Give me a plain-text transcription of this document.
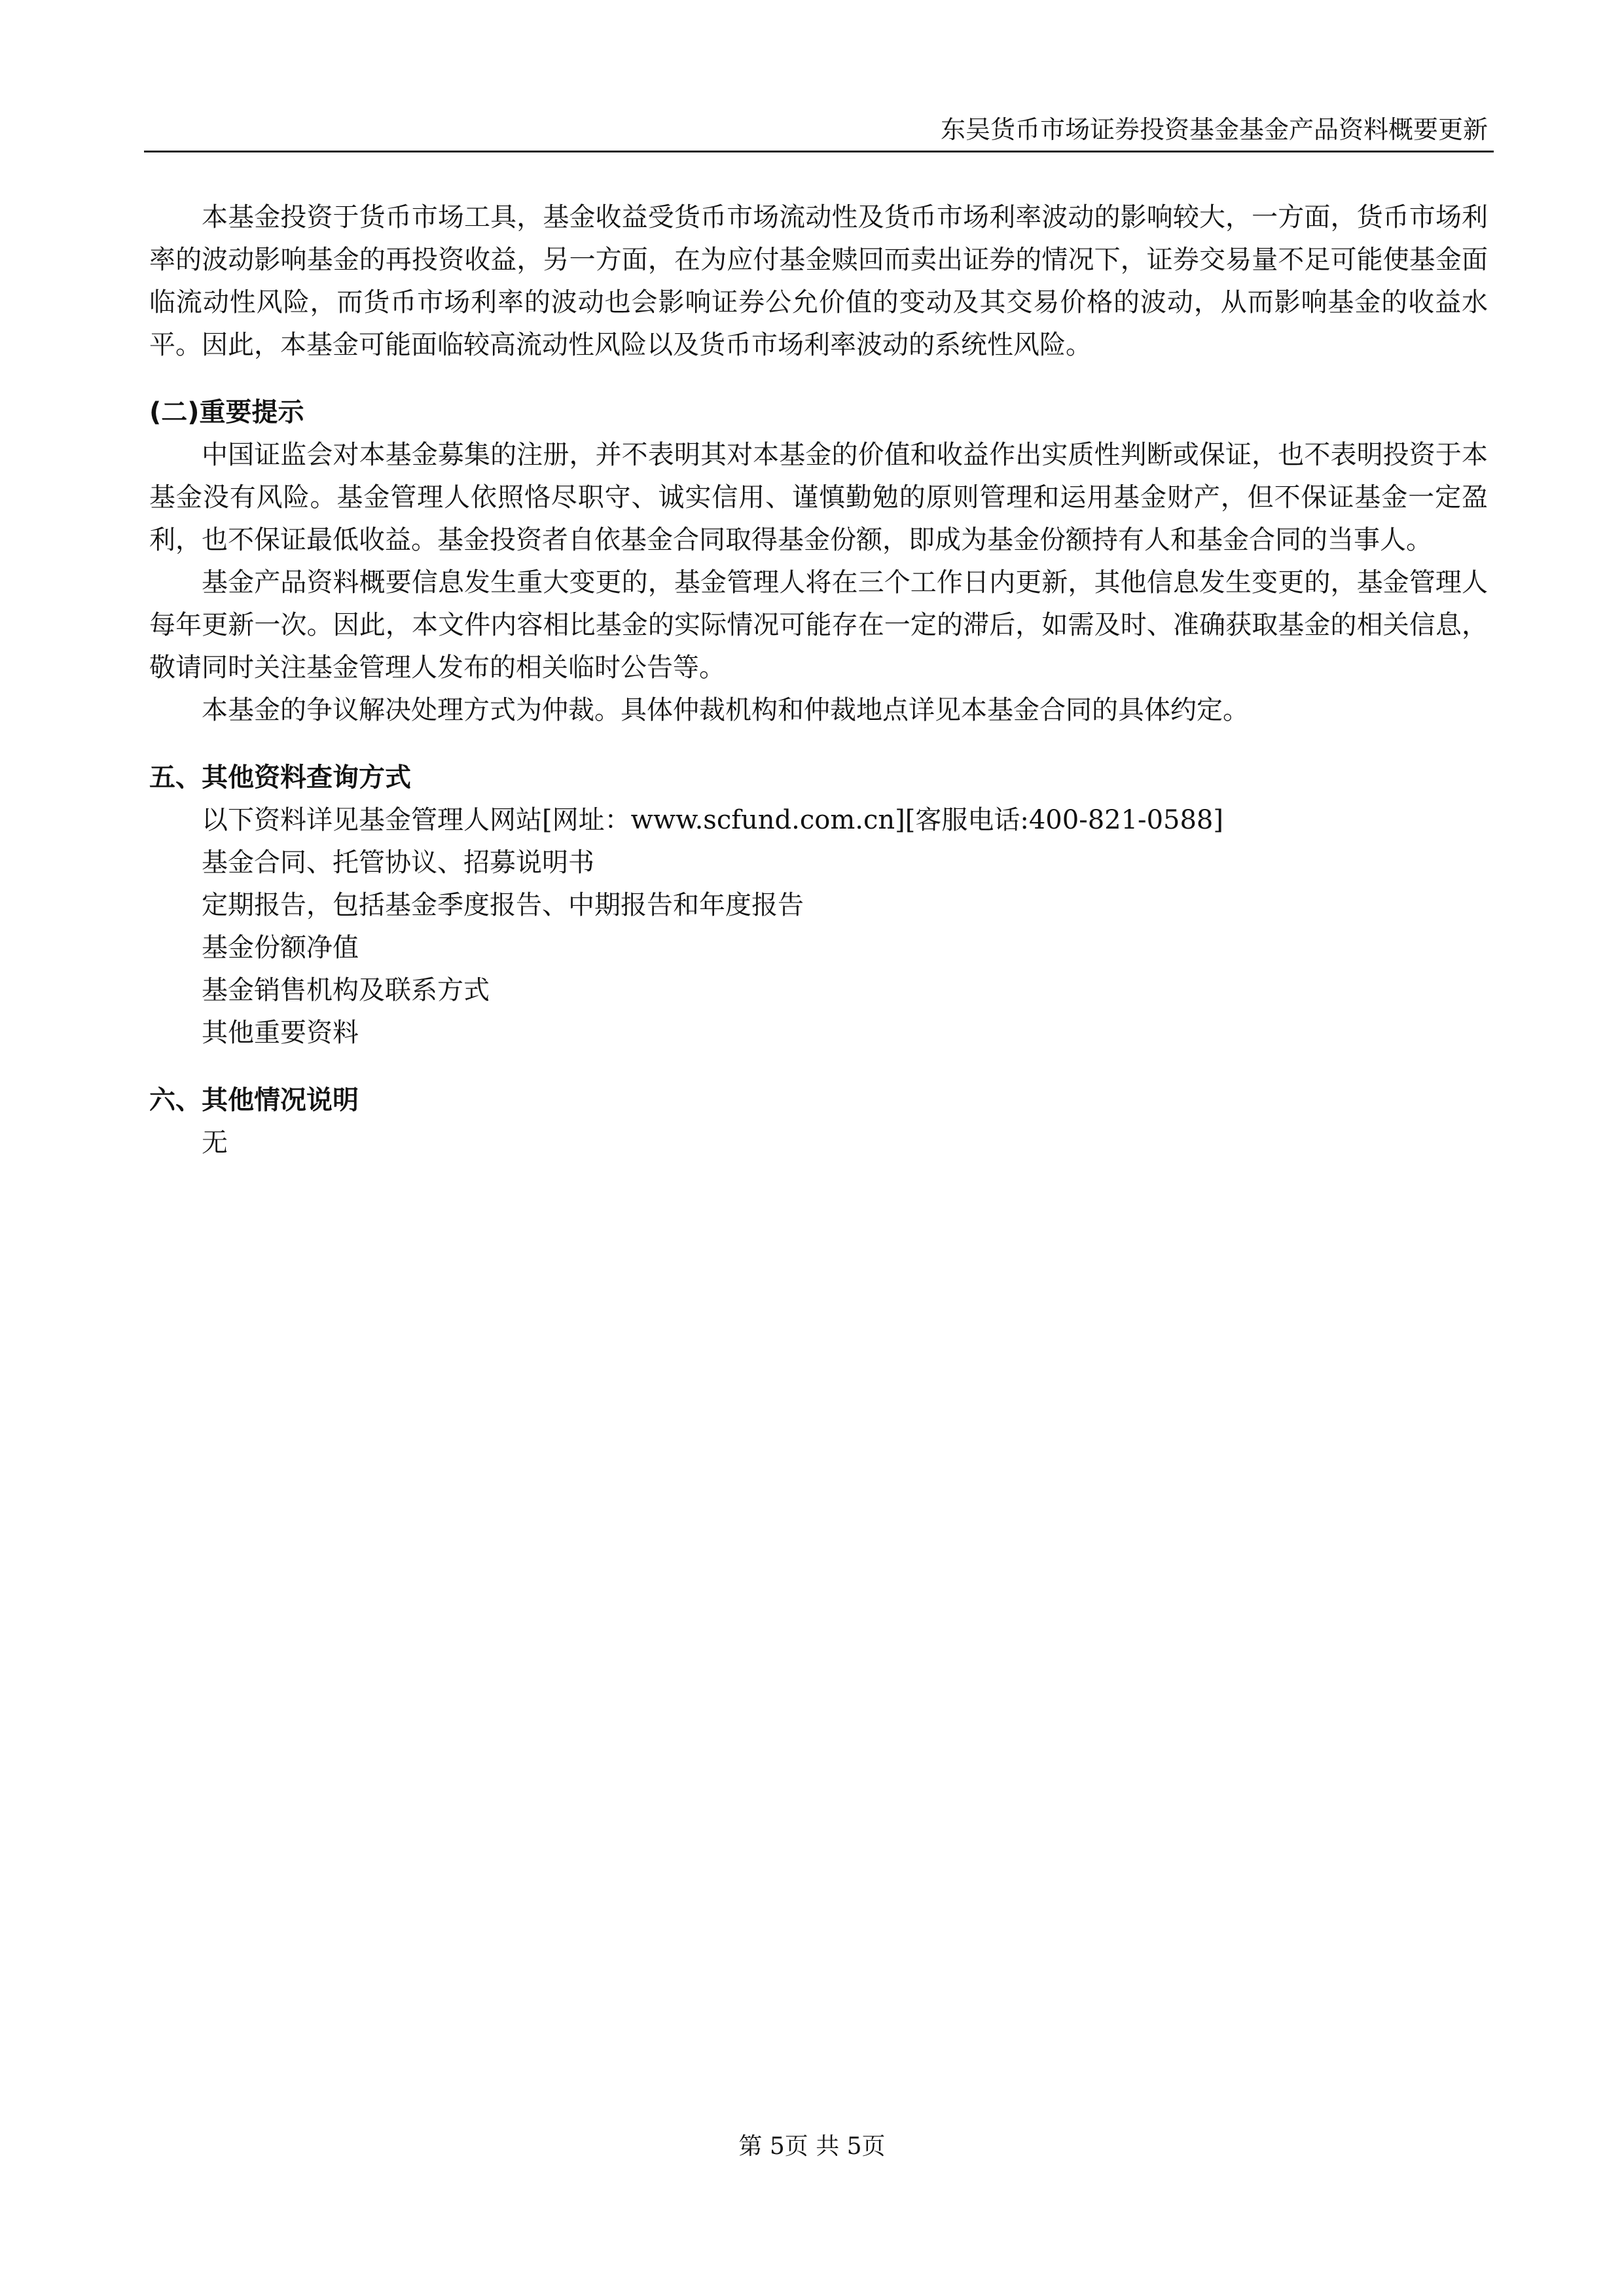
东吴货币市场证券投资基金基金产品资料概要更新

本基金投资于货币市场工具，基金收益受货币市场流动性及货币市场利率波动的影响较大，一方面，货币市场利率的波动影响基金的再投资收益，另一方面，在为应付基金赎回而卖出证券的情况下，证券交易量不足可能使基金面临流动性风险，而货币市场利率的波动也会影响证券公允价值的变动及其交易价格的波动，从而影响基金的收益水平。因此，本基金可能面临较高流动性风险以及货币市场利率波动的系统性风险。

(二)重要提示

中国证监会对本基金募集的注册，并不表明其对本基金的价值和收益作出实质性判断或保证，也不表明投资于本基金没有风险。基金管理人依照恪尽职守、诚实信用、谨慎勤勉的原则管理和运用基金财产，但不保证基金一定盈利，也不保证最低收益。基金投资者自依基金合同取得基金份额，即成为基金份额持有人和基金合同的当事人。

基金产品资料概要信息发生重大变更的，基金管理人将在三个工作日内更新，其他信息发生变更的，基金管理人每年更新一次。因此，本文件内容相比基金的实际情况可能存在一定的滞后，如需及时、准确获取基金的相关信息，敬请同时关注基金管理人发布的相关临时公告等。

本基金的争议解决处理方式为仲裁。具体仲裁机构和仲裁地点详见本基金合同的具体约定。

五、其他资料查询方式

以下资料详见基金管理人网站[网址：www.scfund.com.cn][客服电话:400-821-0588]

基金合同、托管协议、招募说明书

定期报告，包括基金季度报告、中期报告和年度报告

基金份额净值

基金销售机构及联系方式

其他重要资料

六、其他情况说明

无

第 5页 共 5页
